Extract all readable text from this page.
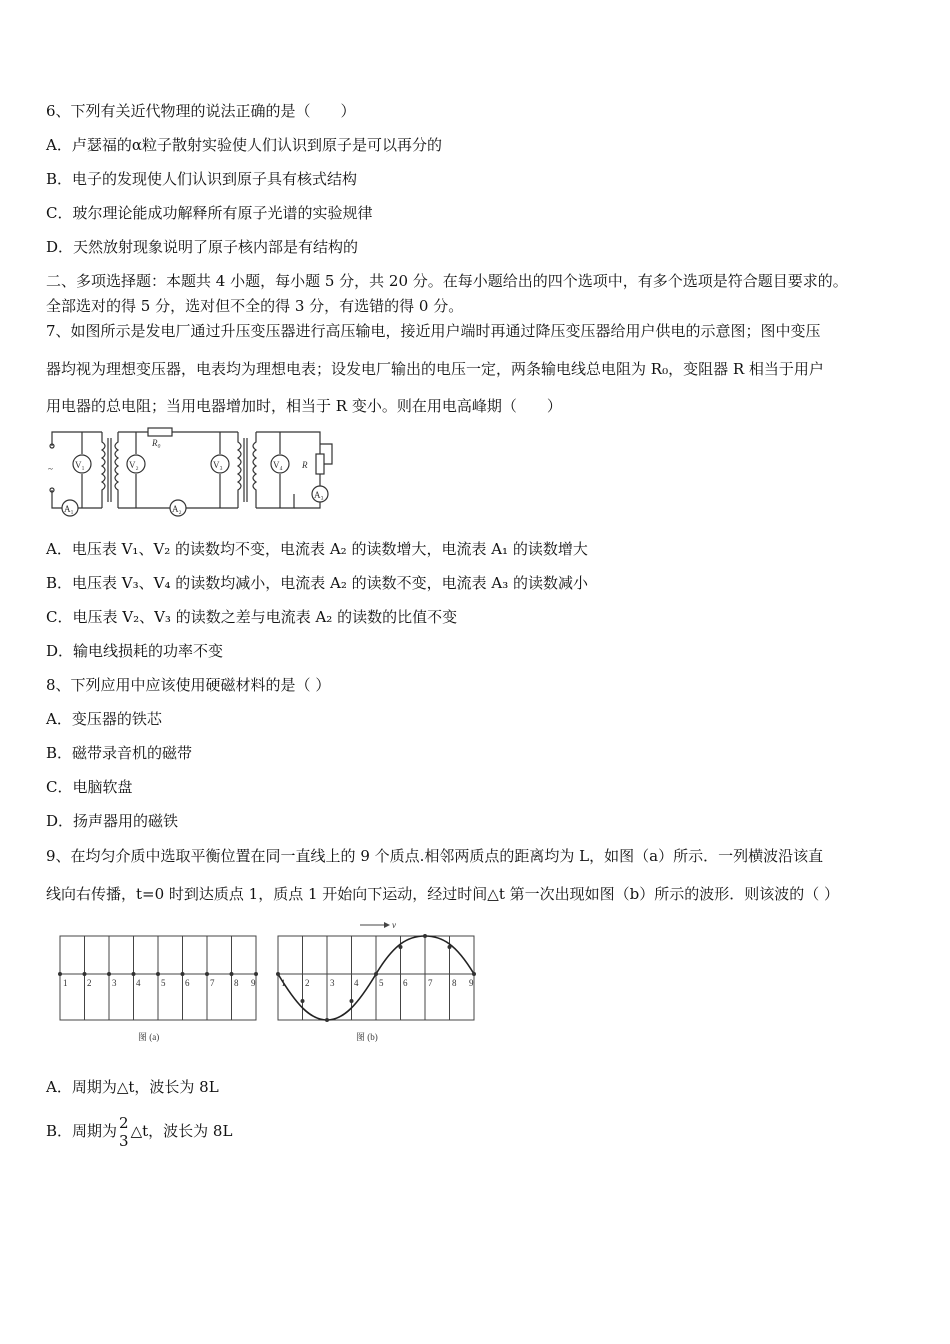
6、下列有关近代物理的说法正确的是（　　）
A．卢瑟福的α粒子散射实验使人们认识到原子是可以再分的
B．电子的发现使人们认识到原子具有核式结构
C．玻尔理论能成功解释所有原子光谱的实验规律
D．天然放射现象说明了原子核内部是有结构的
二、多项选择题：本题共 4 小题，每小题 5 分，共 20 分。在每小题给出的四个选项中，有多个选项是符合题目要求的。
全部选对的得 5 分，选对但不全的得 3 分，有选错的得 0 分。
7、如图所示是发电厂通过升压变压器进行高压输电，接近用户端时再通过降压变压器给用户供电的示意图；图中变压
器均视为理想变压器，电表均为理想电表；设发电厂输出的电压一定，两条输电线总电阻为 R₀，变阻器 R 相当于用户
用电器的总电阻；当用电器增加时，相当于 R 变小。则在用电高峰期（　　）
~
A₁
V₁
R₀
A₂
V₂	V₃	V₄ R
A₃
A．电压表 V₁、V₂ 的读数均不变，电流表 A₂ 的读数增大，电流表 A₁ 的读数增大
B．电压表 V₃、V₄ 的读数均减小，电流表 A₂ 的读数不变，电流表 A₃ 的读数减小
C．电压表 V₂、V₃ 的读数之差与电流表 A₂ 的读数的比值不变
D．输电线损耗的功率不变
8、下列应用中应该使用硬磁材料的是（ ）
A．变压器的铁芯
B．磁带录音机的磁带
C．电脑软盘
D．扬声器用的磁铁
9、在均匀介质中选取平衡位置在同一直线上的 9 个质点.相邻两质点的距离均为 L，如图（a）所示．一列横波沿该直
线向右传播，t=0 时到达质点 1，质点 1 开始向下运动，经过时间△t 第一次出现如图（b）所示的波形．则该波的（ ）
1 2 3 4 5 6 7 8 9
图 (a)
1 2 3 4 5 6 7 8 9
图 (b)
v
A．周期为△t，波长为 8L
B．周期为 2
3
△t，波长为 8L
